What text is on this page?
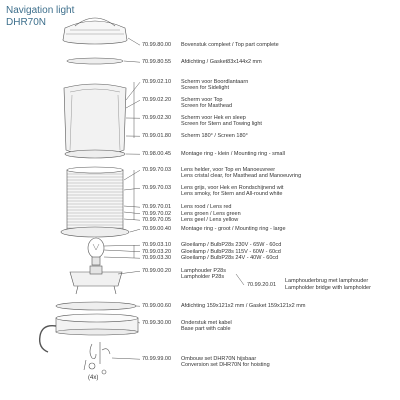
Navigation light
DHR70N
70.99.80.00 Bovenstuk compleet / Top part complete
70.99.80.55 Afdichting / Gasket83x144x2 mm
70.99.02.10 Scherm voor Boordlantaarn
Screen for Sidelight
70.99.02.20 Scherm voor Top
Screen for Masthead
70.99.02.30 Scherm voor Hek en sleep
Screen for Stern and Towing light
70.99.01.80 Scherm 180° / Screen 180°
70.98.00.45 Montage ring - klein / Mounting ring - small
70.99.70.03 Lens helder, voor Top en Manoeuvreer
Lens cristal clear, for Masthead and Manoeuvring
70.99.70.03 Lens grijs, voor Hek en Rondschijnend wit
Lens smoky, for Stern and All-round white
70.99.70.01 Lens rood / Lens red
70.99.70.02 Lens groen / Lens green
70.99.70.05 Lens geel / Lens yellow
70.99.00.40 Montage ring - groot / Mounting ring - large
70.99.03.10 Gloeilamp / BulbP28s 230V - 65W - 60cd
70.99.03.20 Gloeilamp / BulbP28s 115V - 60W - 60cd
70.99.03.30 Gloeilamp / BulbP28s 24V - 40W - 60cd
70.99.00.20 Lamphouder P28s
Lampholder P28s
70.99.00.60 Afdichting 159x121x2 mm / Gasket 159x121x2 mm
70.99.30.00 Onderstuk met kabel
Base part with cable
70.99.99.00 Ombouw set DHR70N hijsbaar
Conversion set DHR70N for hoisting
70.99.20.01
Lamphouderbrug met lamphouder
Lampholder bridge with lampholder
(4x)
